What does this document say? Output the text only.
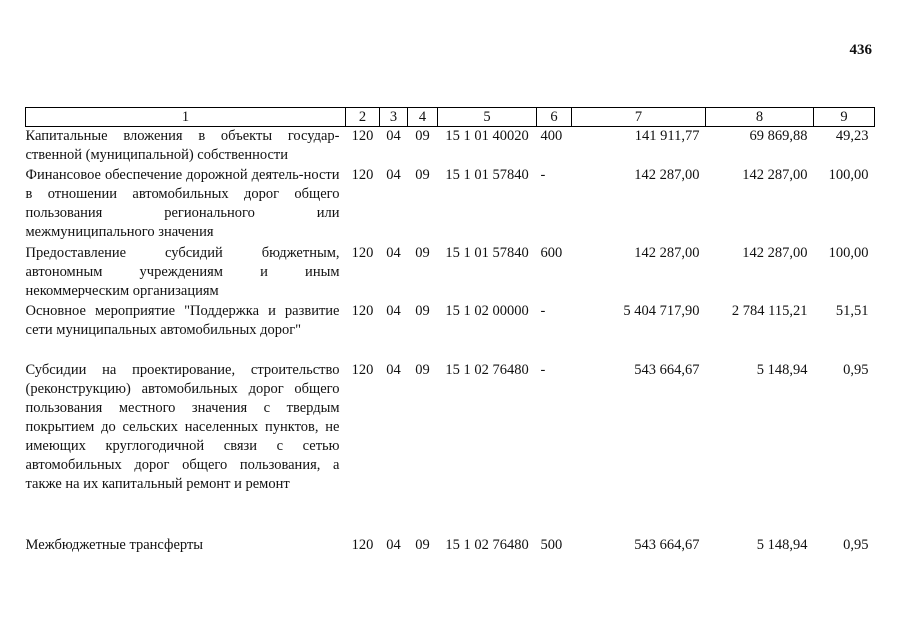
436
1	2	3	4	5	6	7	8	9
Капитальные вложения в объекты государ-ственной (муниципальной) собственности	120	04	09	15 1 01 40020	400	141 911,77	69 869,88	49,23
Финансовое обеспечение дорожной деятель-ности в отношении автомобильных дорог общего пользования регионального или межмуниципального значения	120	04	09	15 1 01 57840	-	142 287,00	142 287,00	100,00
Предоставление субсидий бюджетным, автономным учреждениям и иным некоммерческим организациям	120	04	09	15 1 01 57840	600	142 287,00	142 287,00	100,00
Основное мероприятие "Поддержка и развитие сети муниципальных автомобильных дорог"	120	04	09	15 1 02 00000	-	5 404 717,90	2 784 115,21	51,51
Субсидии на проектирование, строительство (реконструкцию) автомобильных дорог общего пользования местного значения с твердым покрытием до сельских населенных пунктов, не имеющих круглогодичной связи с сетью автомобильных дорог общего пользования, а также на их капитальный ремонт и ремонт	120	04	09	15 1 02 76480	-	543 664,67	5 148,94	0,95
Межбюджетные трансферты	120	04	09	15 1 02 76480	500	543 664,67	5 148,94	0,95
